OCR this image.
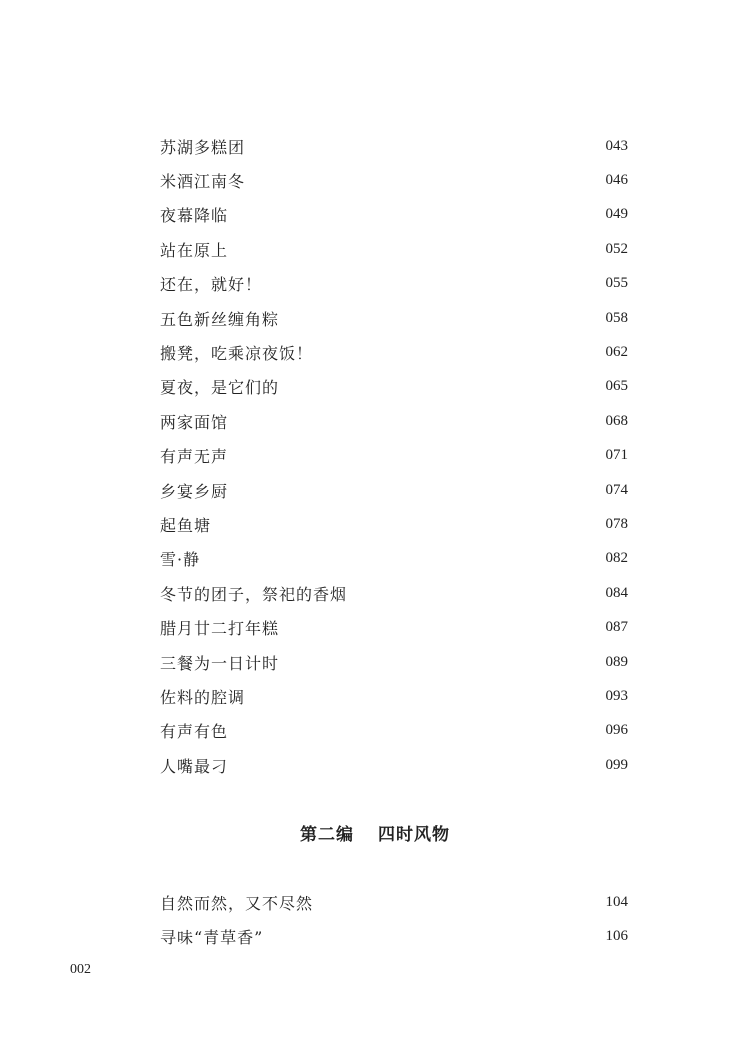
苏湖多糕团	043
米酒江南冬	046
夜幕降临	049
站在原上	052
还在，就好！	055
五色新丝缠角粽	058
搬凳，吃乘凉夜饭！	062
夏夜，是它们的	065
两家面馆	068
有声无声	071
乡宴乡厨	074
起鱼塘	078
雪·静	082
冬节的团子，祭祀的香烟	084
腊月廿二打年糕	087
三餐为一日计时	089
佐料的腔调	093
有声有色	096
人嘴最刁	099
第二编 四时风物
自然而然，又不尽然	104
寻味“青草香”	106
002
